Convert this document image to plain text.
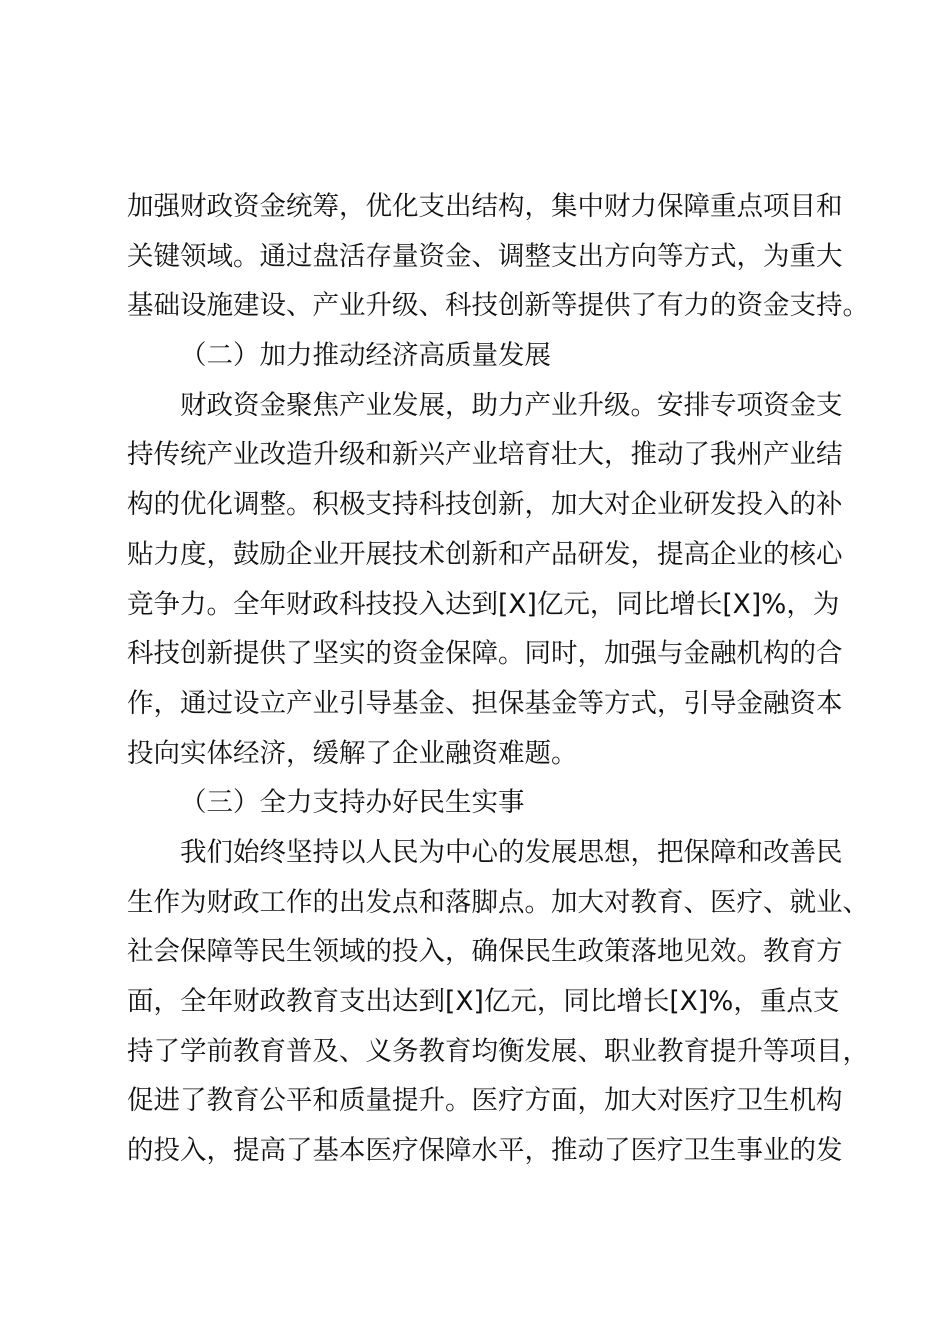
加强财政资金统筹，优化支出结构，集中财力保障重点项目和
关键领域。通过盘活存量资金、调整支出方向等方式，为重大
基础设施建设、产业升级、科技创新等提供了有力的资金支持。
（二）加力推动经济高质量发展
财政资金聚焦产业发展，助力产业升级。安排专项资金支
持传统产业改造升级和新兴产业培育壮大，推动了我州产业结
构的优化调整。积极支持科技创新，加大对企业研发投入的补
贴力度，鼓励企业开展技术创新和产品研发，提高企业的核心
竞争力。全年财政科技投入达到[X]亿元，同比增长[X]%，为
科技创新提供了坚实的资金保障。同时，加强与金融机构的合
作，通过设立产业引导基金、担保基金等方式，引导金融资本
投向实体经济，缓解了企业融资难题。
（三）全力支持办好民生实事
我们始终坚持以人民为中心的发展思想，把保障和改善民
生作为财政工作的出发点和落脚点。加大对教育、医疗、就业、
社会保障等民生领域的投入，确保民生政策落地见效。教育方
面，全年财政教育支出达到[X]亿元，同比增长[X]%，重点支
持了学前教育普及、义务教育均衡发展、职业教育提升等项目，
促进了教育公平和质量提升。医疗方面，加大对医疗卫生机构
的投入，提高了基本医疗保障水平，推动了医疗卫生事业的发
